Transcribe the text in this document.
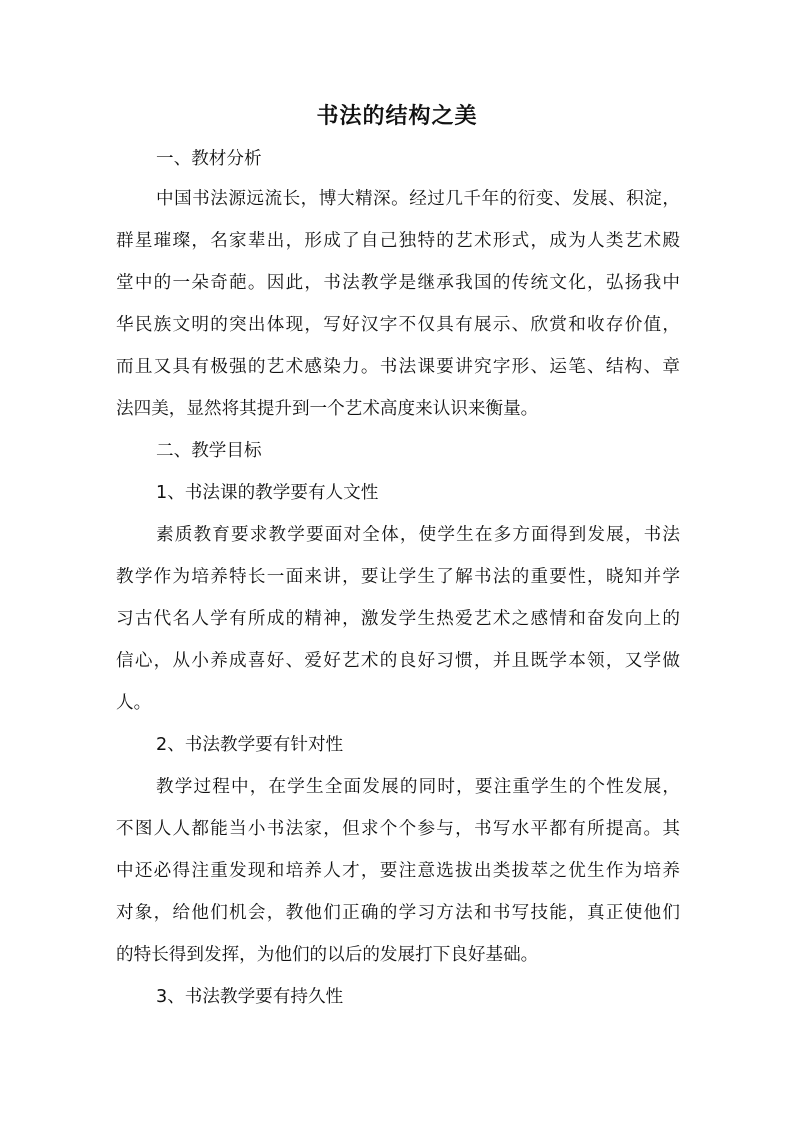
书法的结构之美
一、教材分析
中国书法源远流长，博大精深。经过几千年的衍变、发展、积淀，
群星璀璨，名家辈出，形成了自己独特的艺术形式，成为人类艺术殿
堂中的一朵奇葩。因此，书法教学是继承我国的传统文化，弘扬我中
华民族文明的突出体现，写好汉字不仅具有展示、欣赏和收存价值，
而且又具有极强的艺术感染力。书法课要讲究字形、运笔、结构、章
法四美，显然将其提升到一个艺术高度来认识来衡量。
二、教学目标
1、书法课的教学要有人文性
素质教育要求教学要面对全体，使学生在多方面得到发展，书法
教学作为培养特长一面来讲，要让学生了解书法的重要性，晓知并学
习古代名人学有所成的精神，激发学生热爱艺术之感情和奋发向上的
信心，从小养成喜好、爱好艺术的良好习惯，并且既学本领，又学做
人。
2、书法教学要有针对性
教学过程中，在学生全面发展的同时，要注重学生的个性发展，
不图人人都能当小书法家，但求个个参与，书写水平都有所提高。其
中还必得注重发现和培养人才，要注意选拔出类拔萃之优生作为培养
对象，给他们机会，教他们正确的学习方法和书写技能，真正使他们
的特长得到发挥，为他们的以后的发展打下良好基础。
3、书法教学要有持久性
